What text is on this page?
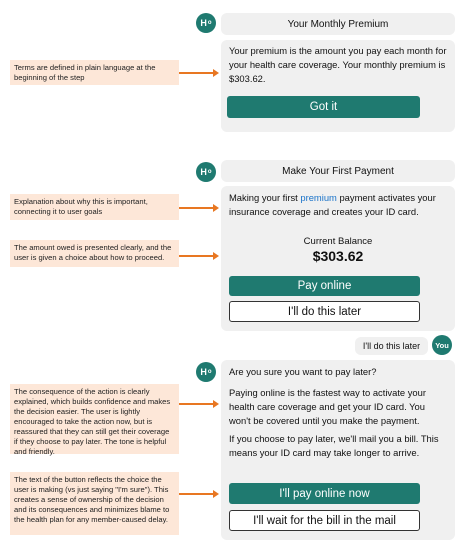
H o	Your Monthly Premium

Your premium is the amount you pay each month for your health care coverage. Your monthly premium is $303.62.

Got it
Terms are defined in plain language at the beginning of the step
H o	Make Your First Payment

Making your first premium payment activates your insurance coverage and creates your ID card.

Current Balance
$303.62
Pay online
I'll do this later
Explanation about why this is important, connecting it to user goals
The amount owed is presented clearly, and the user is given a choice about how to proceed.
I'll do this later	You
H o Are you sure you want to pay later?

Paying online is the fastest way to activate your health care coverage and get your ID card. You won't be covered until you make the payment.

If you choose to pay later, we'll mail you a bill. This means your ID card may take longer to arrive.

I'll pay online now
I'll wait for the bill in the mail
The consequence of the action is clearly explained, which builds confidence and makes the decision easier. The user is lightly encouraged to take the action now, but is reassured that they can still get their coverage if they choose to pay later. The tone is helpful and friendly.
The text of the button reflects the choice the user is making (vs just saying "I'm sure"). This creates a sense of ownership of the decision and its consequences and minimizes blame to the health plan for any member-caused delay.
